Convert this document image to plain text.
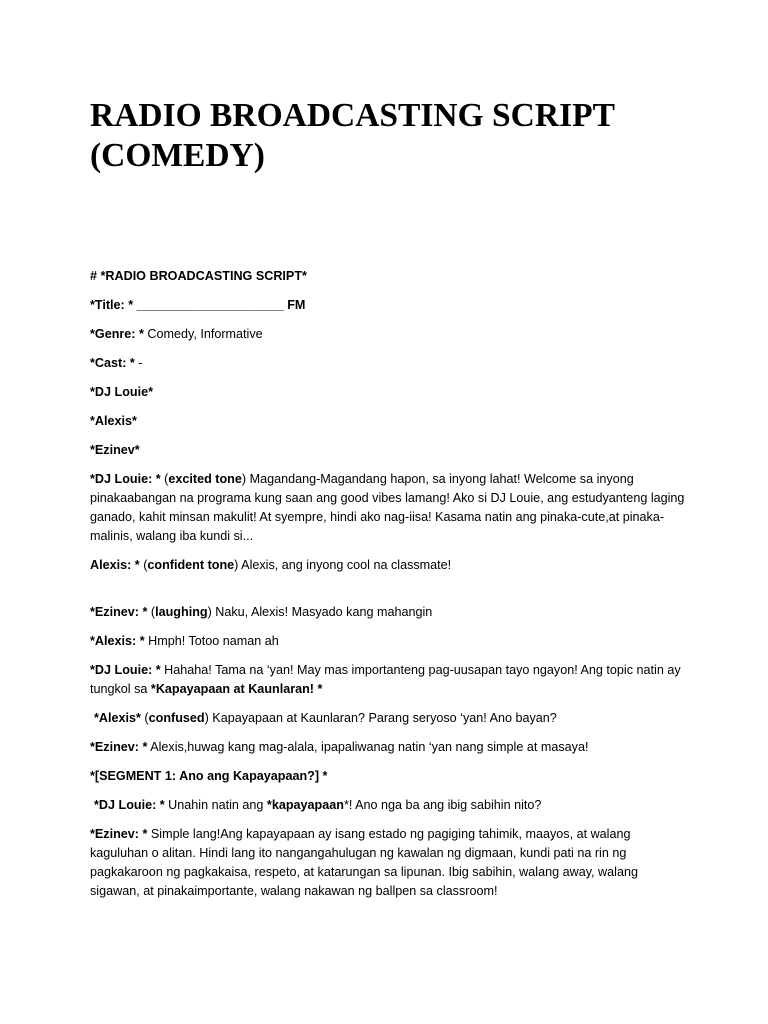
RADIO BROADCASTING SCRIPT
(COMEDY)

# *RADIO BROADCASTING SCRIPT*

*Title: * _____________________ FM

*Genre: * Comedy, Informative

*Cast: * -

*DJ Louie*

*Alexis*

*Ezinev*

*DJ Louie: * (excited tone) Magandang-Magandang hapon, sa inyong lahat! Welcome sa inyong pinakaabangan na programa kung saan ang good vibes lamang! Ako si DJ Louie, ang estudyanteng laging ganado, kahit minsan makulit! At syempre, hindi ako nag-iisa! Kasama natin ang pinaka-cute,at pinaka-malinis, walang iba kundi si...

Alexis: * (confident tone) Alexis, ang inyong cool na classmate!

*Ezinev: * (laughing) Naku, Alexis! Masyado kang mahangin

*Alexis: * Hmph! Totoo naman ah

*DJ Louie: * Hahaha! Tama na ‘yan! May mas importanteng pag-uusapan tayo ngayon! Ang topic natin ay tungkol sa *Kapayapaan at Kaunlaran! *

*Alexis* (confused) Kapayapaan at Kaunlaran? Parang seryoso ‘yan! Ano bayan?

*Ezinev: * Alexis,huwag kang mag-alala, ipapaliwanag natin ‘yan nang simple at masaya!

*[SEGMENT 1: Ano ang Kapayapaan?] *

*DJ Louie: * Unahin natin ang *kapayapaan*! Ano nga ba ang ibig sabihin nito?

*Ezinev: * Simple lang!Ang kapayapaan ay isang estado ng pagiging tahimik, maayos, at walang kaguluhan o alitan. Hindi lang ito nangangahulugan ng kawalan ng digmaan, kundi pati na rin ng pagkakaroon ng pagkakaisa, respeto, at katarungan sa lipunan. Ibig sabihin, walang away, walang sigawan, at pinakaimportante, walang nakawan ng ballpen sa classroom!
